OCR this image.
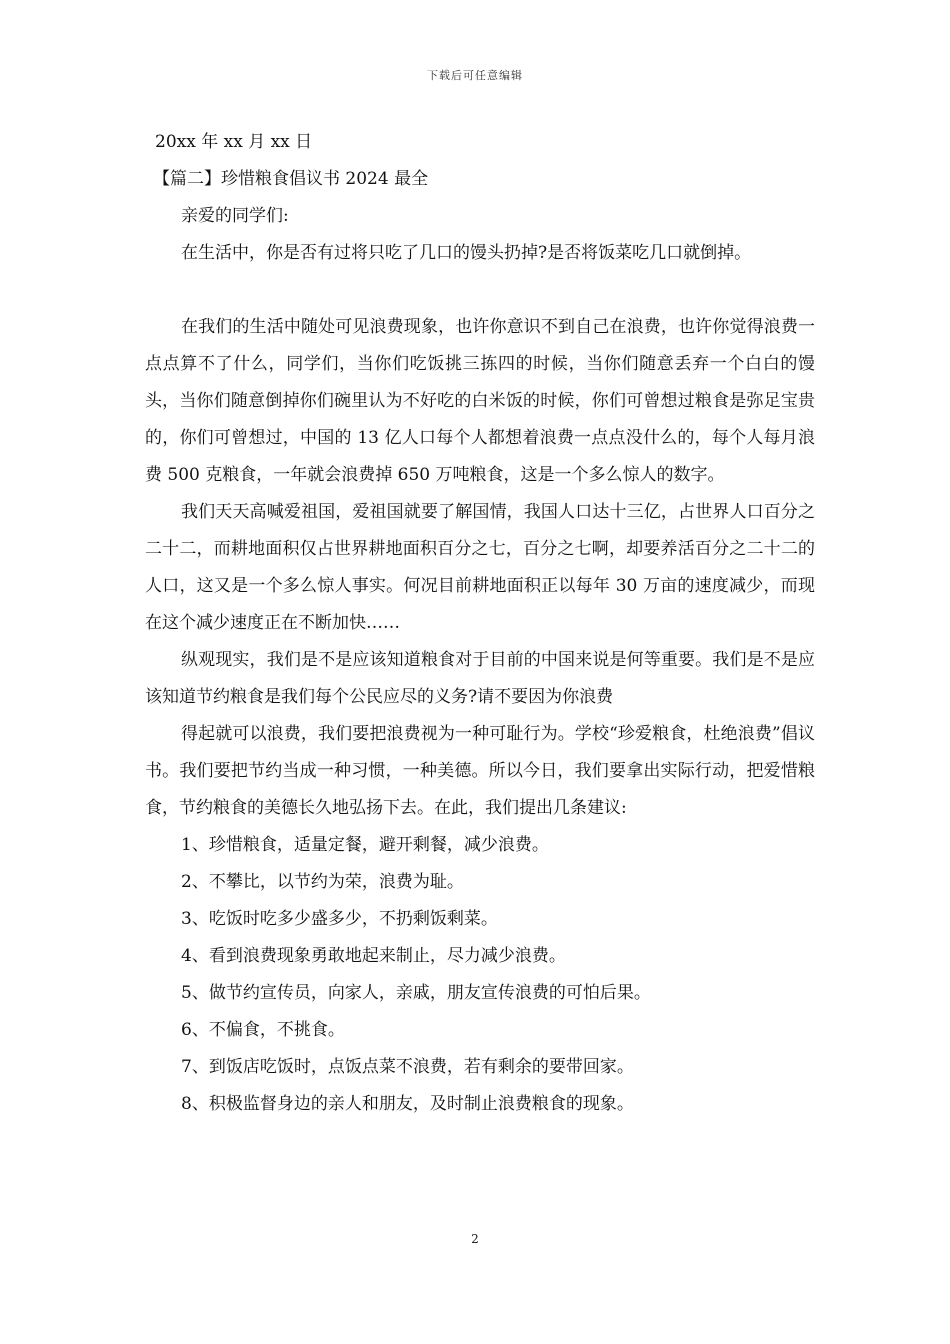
下载后可任意编辑

20xx 年 xx 月 xx 日

【篇二】珍惜粮食倡议书 2024 最全

亲爱的同学们:

在生活中，你是否有过将只吃了几口的馒头扔掉?是否将饭菜吃几口就倒掉。

在我们的生活中随处可见浪费现象，也许你意识不到自己在浪费，也许你觉得浪费一点点算不了什么，同学们，当你们吃饭挑三拣四的时候，当你们随意丢弃一个白白的馒头，当你们随意倒掉你们碗里认为不好吃的白米饭的时候，你们可曾想过粮食是弥足宝贵的，你们可曾想过，中国的 13 亿人口每个人都想着浪费一点点没什么的，每个人每月浪费 500 克粮食，一年就会浪费掉 650 万吨粮食，这是一个多么惊人的数字。

我们天天高喊爱祖国，爱祖国就要了解国情，我国人口达十三亿，占世界人口百分之二十二，而耕地面积仅占世界耕地面积百分之七，百分之七啊，却要养活百分之二十二的人口，这又是一个多么惊人事实。何况目前耕地面积正以每年 30 万亩的速度减少，而现在这个减少速度正在不断加快……

纵观现实，我们是不是应该知道粮食对于目前的中国来说是何等重要。我们是不是应该知道节约粮食是我们每个公民应尽的义务?请不要因为你浪费

得起就可以浪费，我们要把浪费视为一种可耻行为。学校“珍爱粮食，杜绝浪费”倡议书。我们要把节约当成一种习惯，一种美德。所以今日，我们要拿出实际行动，把爱惜粮食，节约粮食的美德长久地弘扬下去。在此，我们提出几条建议:

1、珍惜粮食，适量定餐，避开剩餐，减少浪费。

2、不攀比，以节约为荣，浪费为耻。

3、吃饭时吃多少盛多少，不扔剩饭剩菜。

4、看到浪费现象勇敢地起来制止，尽力减少浪费。

5、做节约宣传员，向家人，亲戚，朋友宣传浪费的可怕后果。

6、不偏食，不挑食。

7、到饭店吃饭时，点饭点菜不浪费，若有剩余的要带回家。

8、积极监督身边的亲人和朋友，及时制止浪费粮食的现象。

2
